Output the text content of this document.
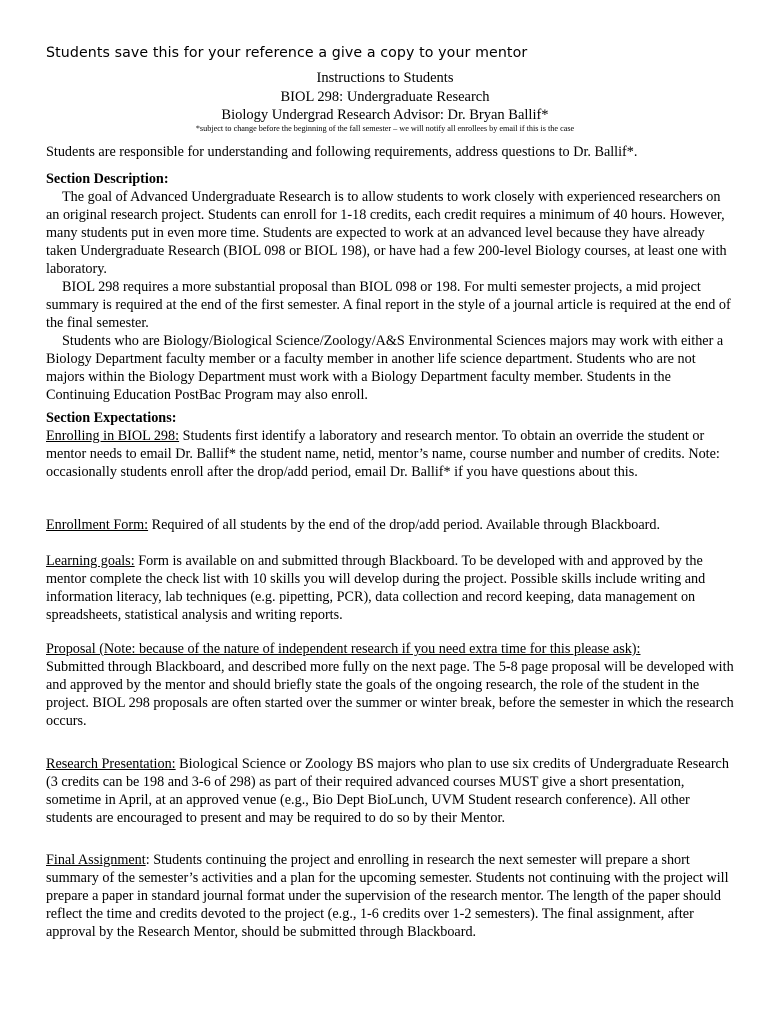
Students save this for your reference a give a copy to your mentor
Instructions to Students
BIOL 298: Undergraduate Research
Biology Undergrad Research Advisor: Dr. Bryan Ballif*
*subject to change before the beginning of the fall semester – we will notify all enrollees by email if this is the case
Students are responsible for understanding and following requirements, address questions to Dr. Ballif*.

Section Description:

The goal of Advanced Undergraduate Research is to allow students to work closely with experienced researchers on an original research project. Students can enroll for 1-18 credits, each credit requires a minimum of 40 hours. However, many students put in even more time. Students are expected to work at an advanced level because they have already taken Undergraduate Research (BIOL 098 or BIOL 198), or have had a few 200-level Biology courses, at least one with laboratory.

BIOL 298 requires a more substantial proposal than BIOL 098 or 198. For multi semester projects, a mid project summary is required at the end of the first semester. A final report in the style of a journal article is required at the end of the final semester.

Students who are Biology/Biological Science/Zoology/A&S Environmental Sciences majors may work with either a Biology Department faculty member or a faculty member in another life science department. Students who are not majors within the Biology Department must work with a Biology Department faculty member. Students in the Continuing Education PostBac Program may also enroll.

Section Expectations:

Enrolling in BIOL 298: Students first identify a laboratory and research mentor. To obtain an override the student or mentor needs to email Dr. Ballif* the student name, netid, mentor’s name, course number and number of credits. Note: occasionally students enroll after the drop/add period, email Dr. Ballif* if you have questions about this.

Enrollment Form: Required of all students by the end of the drop/add period. Available through Blackboard.

Learning goals: Form is available on and submitted through Blackboard. To be developed with and approved by the mentor complete the check list with 10 skills you will develop during the project. Possible skills include writing and information literacy, lab techniques (e.g. pipetting, PCR), data collection and record keeping, data management on spreadsheets, statistical analysis and writing reports.

Proposal (Note: because of the nature of independent research if you need extra time for this please ask):

Submitted through Blackboard, and described more fully on the next page. The 5-8 page proposal will be developed with and approved by the mentor and should briefly state the goals of the ongoing research, the role of the student in the project. BIOL 298 proposals are often started over the summer or winter break, before the semester in which the research occurs.

Research Presentation: Biological Science or Zoology BS majors who plan to use six credits of Undergraduate Research (3 credits can be 198 and 3-6 of 298) as part of their required advanced courses MUST give a short presentation, sometime in April, at an approved venue (e.g., Bio Dept BioLunch, UVM Student research conference). All other students are encouraged to present and may be required to do so by their Mentor.

Final Assignment: Students continuing the project and enrolling in research the next semester will prepare a short summary of the semester’s activities and a plan for the upcoming semester. Students not continuing with the project will prepare a paper in standard journal format under the supervision of the research mentor. The length of the paper should reflect the time and credits devoted to the project (e.g., 1-6 credits over 1-2 semesters). The final assignment, after approval by the Research Mentor, should be submitted through Blackboard.
